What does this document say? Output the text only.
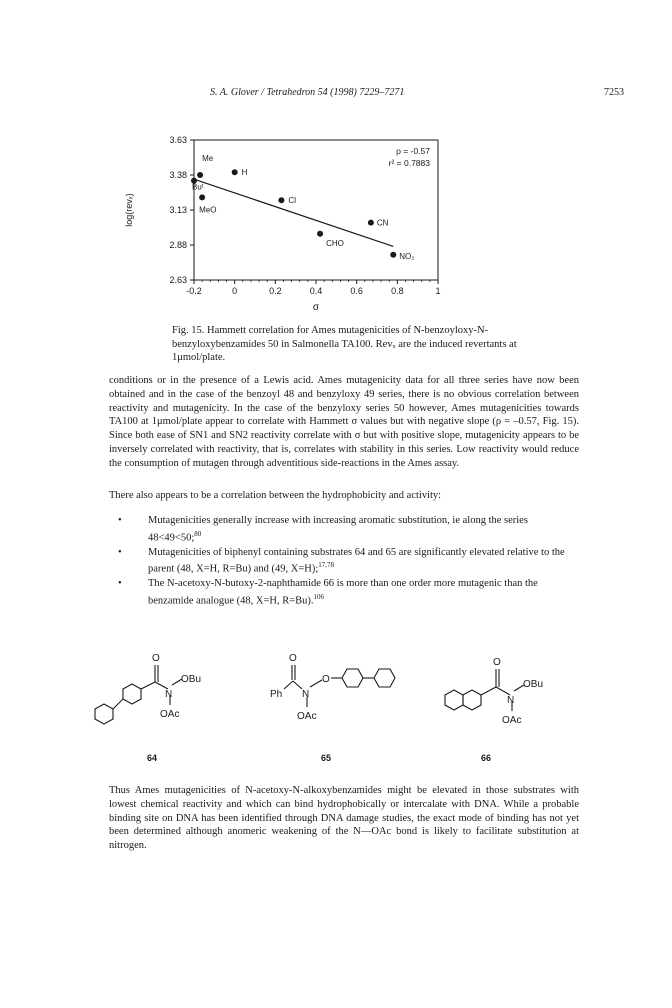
S. A. Glover / Tetrahedron 54 (1998) 7229–7271	7253
-0.2	0	0.2	0.4	0.6	0.8	1
3.63
3.38
3.13
2.88
2.63
σ
log(revₓ)
Me
H
Buᵗ
MeO
Cl
CN
CHO
NO₂
ρ = -0.57
r² = 0.7883
Fig. 15. Hammett correlation for Ames mutagenicities of N-benzoyloxy-N-benzyloxybenzamides 50 in Salmonella TA100. Revₓ are the induced revertants at 1μmol/plate.
conditions or in the presence of a Lewis acid. Ames mutagenicity data for all three series have now been obtained and in the case of the benzoyl 48 and benzyloxy 49 series, there is no obvious correlation between reactivity and mutagenicity. In the case of the benzyloxy series 50 however, Ames mutagenicities towards TA100 at 1μmol/plate appear to correlate with Hammett σ values but with negative slope (ρ = –0.57, Fig. 15). Since both ease of SN1 and SN2 reactivity correlate with σ but with positive slope, mutagenicity appears to be inversely correlated with reactivity, that is, correlates with stability in this series. Low reactivity would reduce the consumption of mutagen through adventitious side-reactions in the Ames assay.
There also appears to be a correlation between the hydrophobicity and activity:
•	Mutagenicities generally increase with increasing aromatic substitution, ie along the series 48<49<50;$^{80}$
•	Mutagenicities of biphenyl containing substrates 64 and 65 are significantly elevated relative to the parent (48, X=H, R=Bu) and (49, X=H);$^{17,78}$
•	The N-acetoxy-N-butoxy-2-naphthamide 66 is more than one order more mutagenic than the benzamide analogue (48, X=H, R=Bu).$^{106}$
O
N
OBu
OAc
O
Ph N
O
OAc
O
N
OBu
OAc
64	65	66
Thus Ames mutagenicities of N-acetoxy-N-alkoxybenzamides might be elevated in those substrates with lowest chemical reactivity and which can bind hydrophobically or intercalate with DNA. While a probable binding site on DNA has been identified through DNA damage studies, the exact mode of binding has not yet been determined although anomeric weakening of the N—OAc bond is likely to facilitate substitution at nitrogen.
